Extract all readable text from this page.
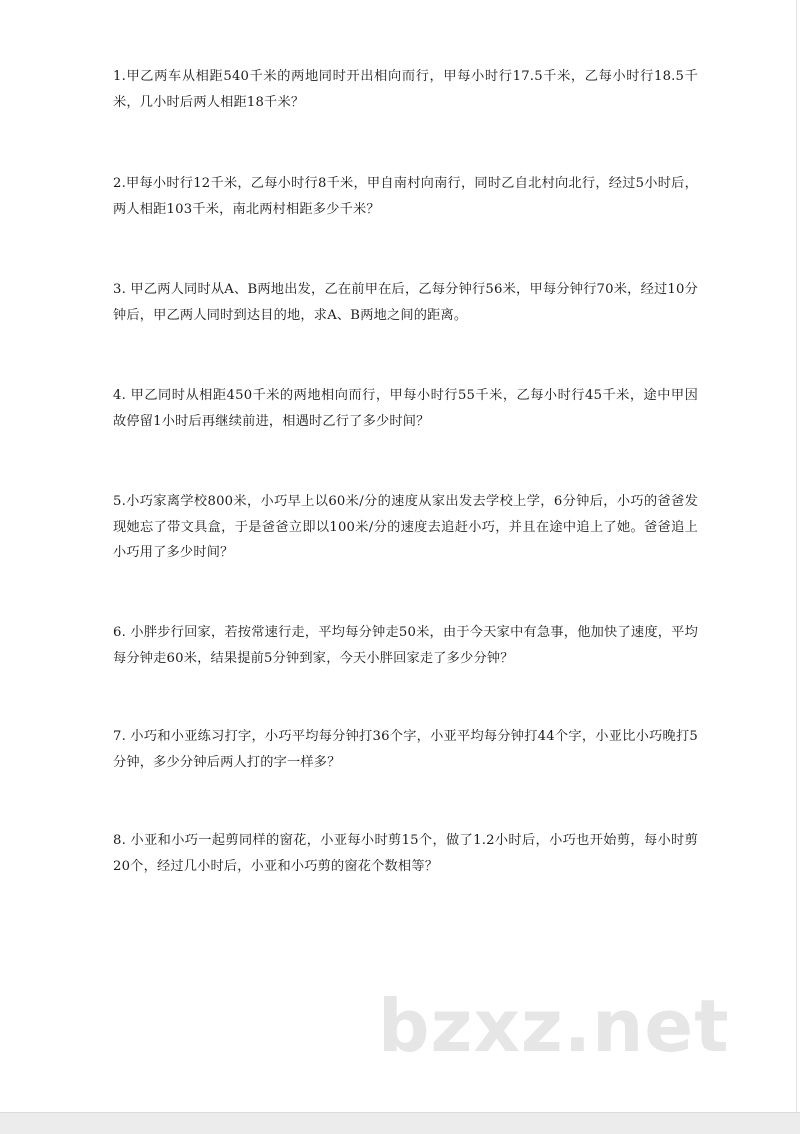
1.甲乙两车从相距540千米的两地同时开出相向而行，甲每小时行17.5千米，乙每小时行18.5千米，几小时后两人相距18千米？

2.甲每小时行12千米，乙每小时行8千米，甲自南村向南行，同时乙自北村向北行，经过5小时后，两人相距103千米，南北两村相距多少千米？

3. 甲乙两人同时从A、B两地出发，乙在前甲在后，乙每分钟行56米，甲每分钟行70米，经过10分钟后，甲乙两人同时到达目的地，求A、B两地之间的距离。

4. 甲乙同时从相距450千米的两地相向而行，甲每小时行55千米，乙每小时行45千米，途中甲因故停留1小时后再继续前进，相遇时乙行了多少时间？

5.小巧家离学校800米，小巧早上以60米/分的速度从家出发去学校上学，6分钟后，小巧的爸爸发现她忘了带文具盒，于是爸爸立即以100米/分的速度去追赶小巧，并且在途中追上了她。爸爸追上小巧用了多少时间？

6. 小胖步行回家，若按常速行走，平均每分钟走50米，由于今天家中有急事，他加快了速度，平均每分钟走60米，结果提前5分钟到家，今天小胖回家走了多少分钟？

7. 小巧和小亚练习打字，小巧平均每分钟打36个字，小亚平均每分钟打44个字，小亚比小巧晚打5分钟，多少分钟后两人打的字一样多？

8. 小亚和小巧一起剪同样的窗花，小亚每小时剪15个，做了1.2小时后，小巧也开始剪，每小时剪20个，经过几小时后，小亚和小巧剪的窗花个数相等？

bzxz.net
